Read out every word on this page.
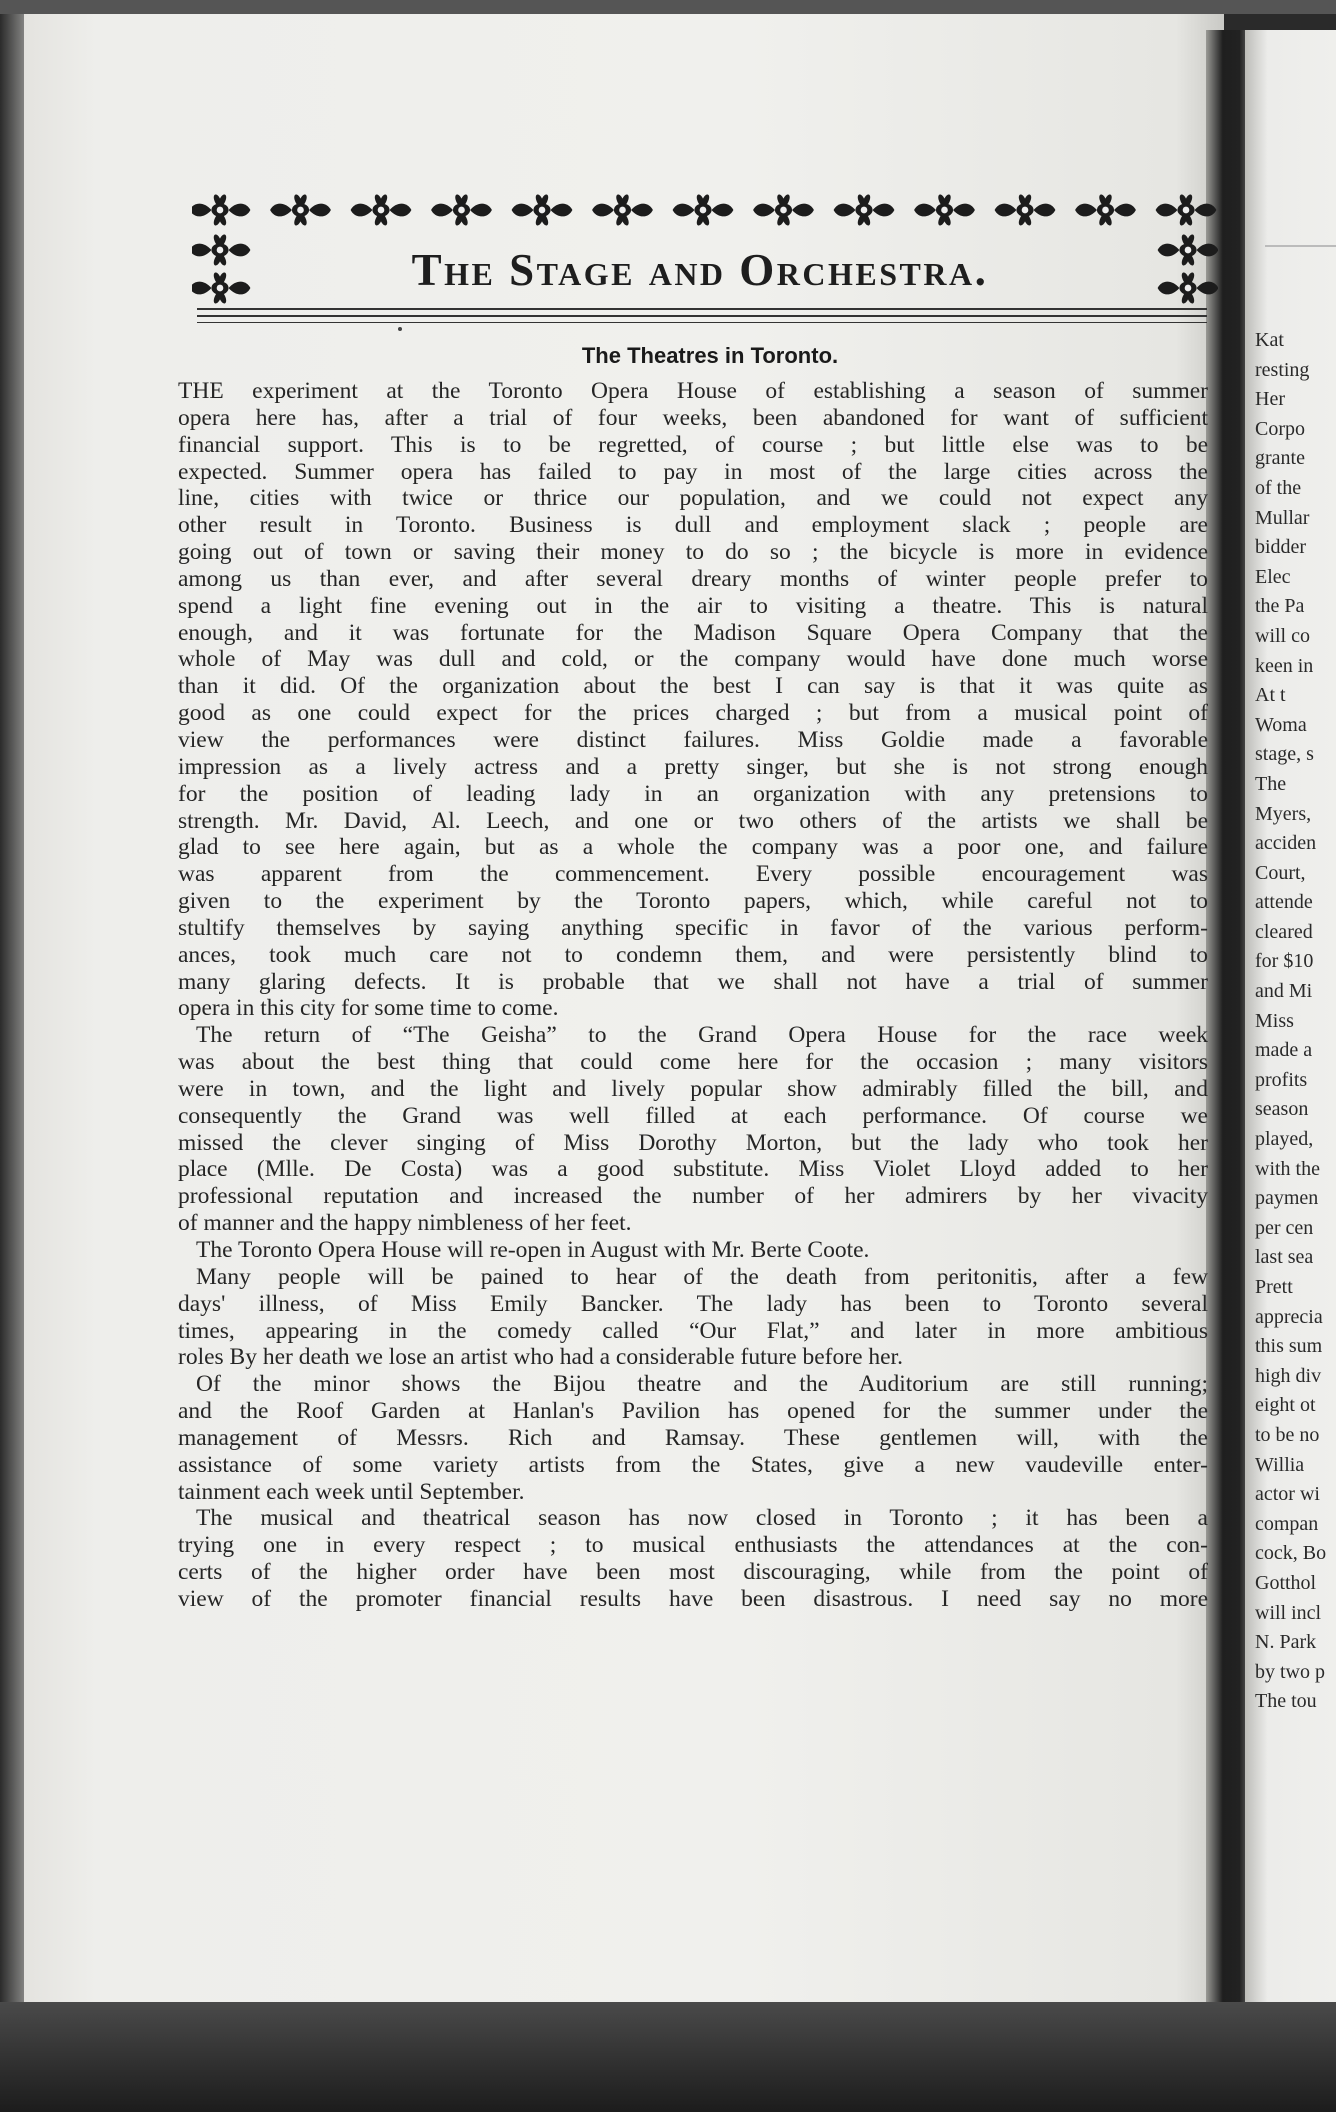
Kat
resting
Her
Corpo
grante
of the
Mullar
bidder
Elec
the Pa
will co
keen in
At t
Woma
stage, s
The
Myers,
acciden
Court,
attende
cleared
for $10
and Mi
Miss
made a
profits
season
played,
with the
paymen
per cen
last sea
Prett
apprecia
this sum
high div
eight ot
to be no
Willia
actor wi
compan
cock, Bo
Gotthol
will incl
N. Park
by two p
The tou
The Stage and Orchestra.
The Theatres in Toronto.
THE experiment at the Toronto Opera House of establishing a season of summer
opera here has, after a trial of four weeks, been abandoned for want of sufficient
financial support. This is to be regretted, of course ; but little else was to be
expected. Summer opera has failed to pay in most of the large cities across the
line, cities with twice or thrice our population, and we could not expect any
other result in Toronto. Business is dull and employment slack ; people are
going out of town or saving their money to do so ; the bicycle is more in evidence
among us than ever, and after several dreary months of winter people prefer to
spend a light fine evening out in the air to visiting a theatre. This is natural
enough, and it was fortunate for the Madison Square Opera Company that the
whole of May was dull and cold, or the company would have done much worse
than it did. Of the organization about the best I can say is that it was quite as
good as one could expect for the prices charged ; but from a musical point of
view the performances were distinct failures. Miss Goldie made a favorable
impression as a lively actress and a pretty singer, but she is not strong enough
for the position of leading lady in an organization with any pretensions to
strength. Mr. David, Al. Leech, and one or two others of the artists we shall be
glad to see here again, but as a whole the company was a poor one, and failure
was apparent from the commencement. Every possible encouragement was
given to the experiment by the Toronto papers, which, while careful not to
stultify themselves by saying anything specific in favor of the various perform-
ances, took much care not to condemn them, and were persistently blind to
many glaring defects. It is probable that we shall not have a trial of summer
opera in this city for some time to come.
The return of “The Geisha” to the Grand Opera House for the race week
was about the best thing that could come here for the occasion ; many visitors
were in town, and the light and lively popular show admirably filled the bill, and
consequently the Grand was well filled at each performance. Of course we
missed the clever singing of Miss Dorothy Morton, but the lady who took her
place (Mlle. De Costa) was a good substitute. Miss Violet Lloyd added to her
professional reputation and increased the number of her admirers by her vivacity
of manner and the happy nimbleness of her feet.
The Toronto Opera House will re-open in August with Mr. Berte Coote.
Many people will be pained to hear of the death from peritonitis, after a few
days' illness, of Miss Emily Bancker. The lady has been to Toronto several
times, appearing in the comedy called “Our Flat,” and later in more ambitious
roles By her death we lose an artist who had a considerable future before her.
Of the minor shows the Bijou theatre and the Auditorium are still running;
and the Roof Garden at Hanlan's Pavilion has opened for the summer under the
management of Messrs. Rich and Ramsay. These gentlemen will, with the
assistance of some variety artists from the States, give a new vaudeville enter-
tainment each week until September.
The musical and theatrical season has now closed in Toronto ; it has been a
trying one in every respect ; to musical enthusiasts the attendances at the con-
certs of the higher order have been most discouraging, while from the point of
view of the promoter financial results have been disastrous. I need say no more
